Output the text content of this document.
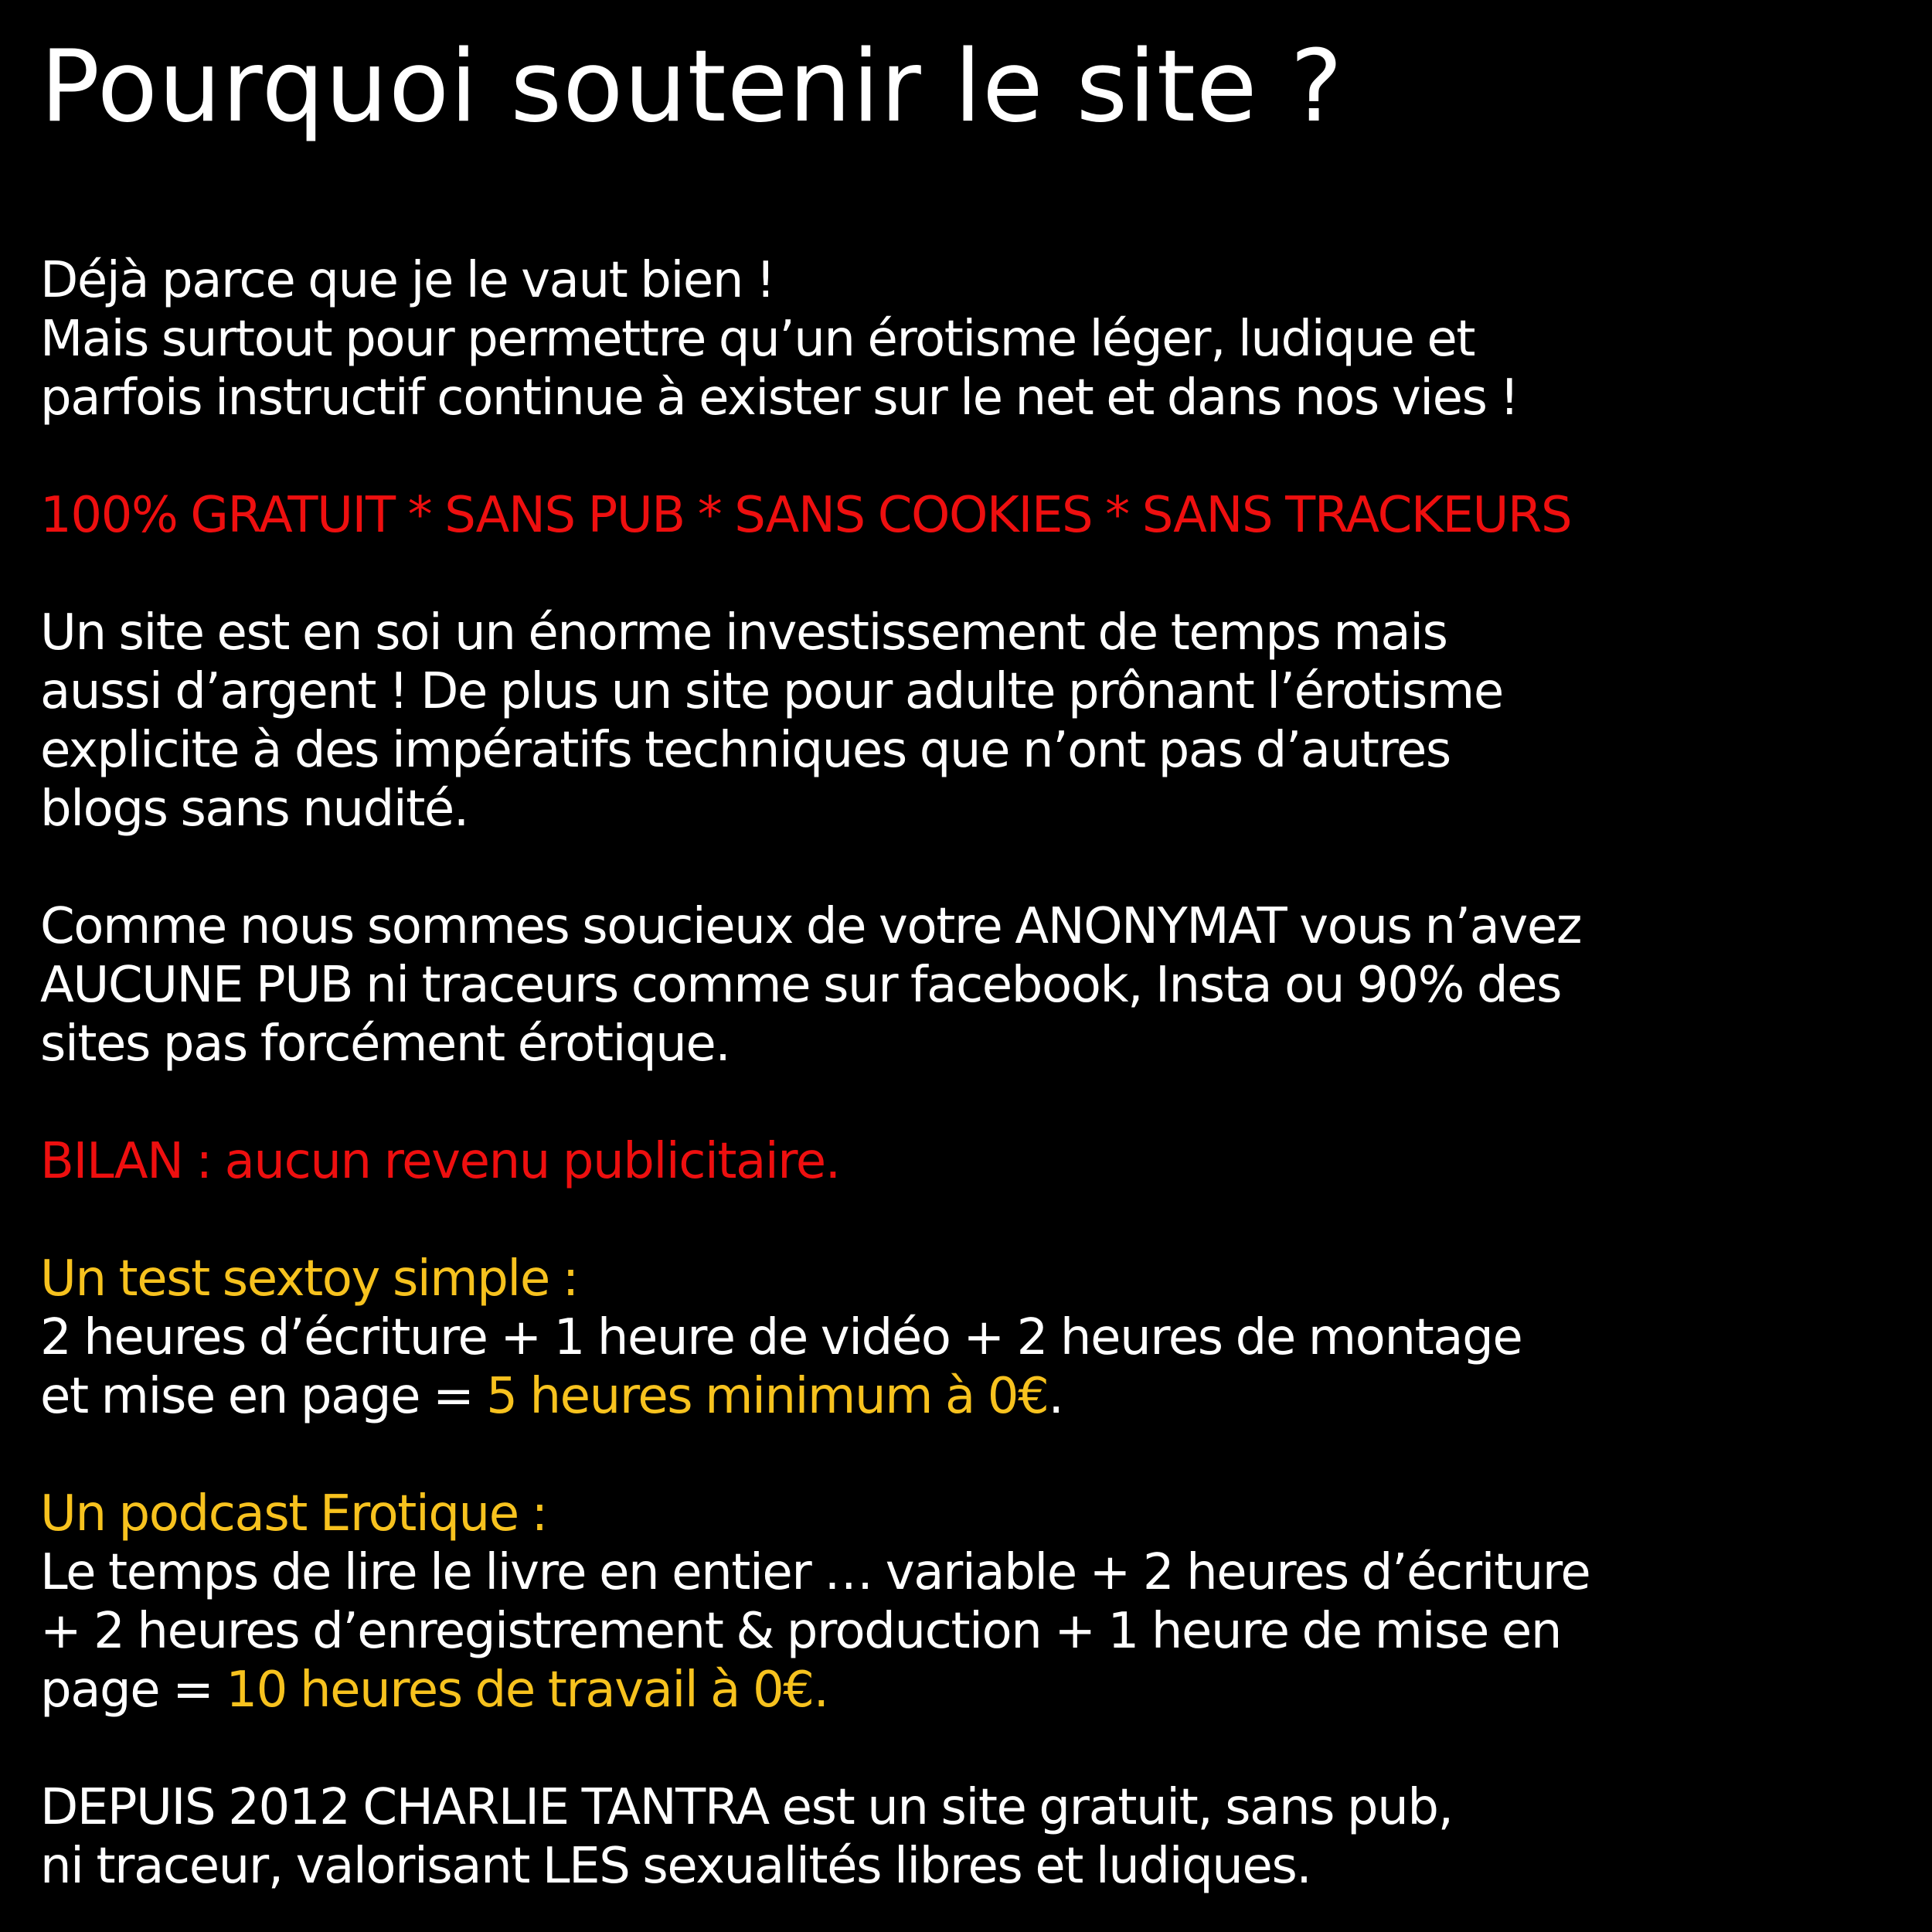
Pourquoi soutenir le site ?
Déjà parce que je le vaut bien !
Mais surtout pour permettre qu’un érotisme léger, ludique et
parfois instructif continue à exister sur le net et dans nos vies !
100% GRATUIT * SANS PUB * SANS COOKIES * SANS TRACKEURS
Un site est en soi un énorme investissement de temps mais
aussi d’argent ! De plus un site pour adulte prônant l’érotisme
explicite à des impératifs techniques que n’ont pas d’autres
blogs sans nudité.
Comme nous sommes soucieux de votre ANONYMAT vous n’avez
AUCUNE PUB ni traceurs comme sur facebook, Insta ou 90% des
sites pas forcément érotique.
BILAN : aucun revenu publicitaire.
Un test sextoy simple :
2 heures d’écriture + 1 heure de vidéo + 2 heures de montage
et mise en page = 5 heures minimum à 0€.
Un podcast Erotique :
Le temps de lire le livre en entier … variable + 2 heures d’écriture
+ 2 heures d’enregistrement & production + 1 heure de mise en
page = 10 heures de travail à 0€.
DEPUIS 2012 CHARLIE TANTRA est un site gratuit, sans pub,
ni traceur, valorisant LES sexualités libres et ludiques.
